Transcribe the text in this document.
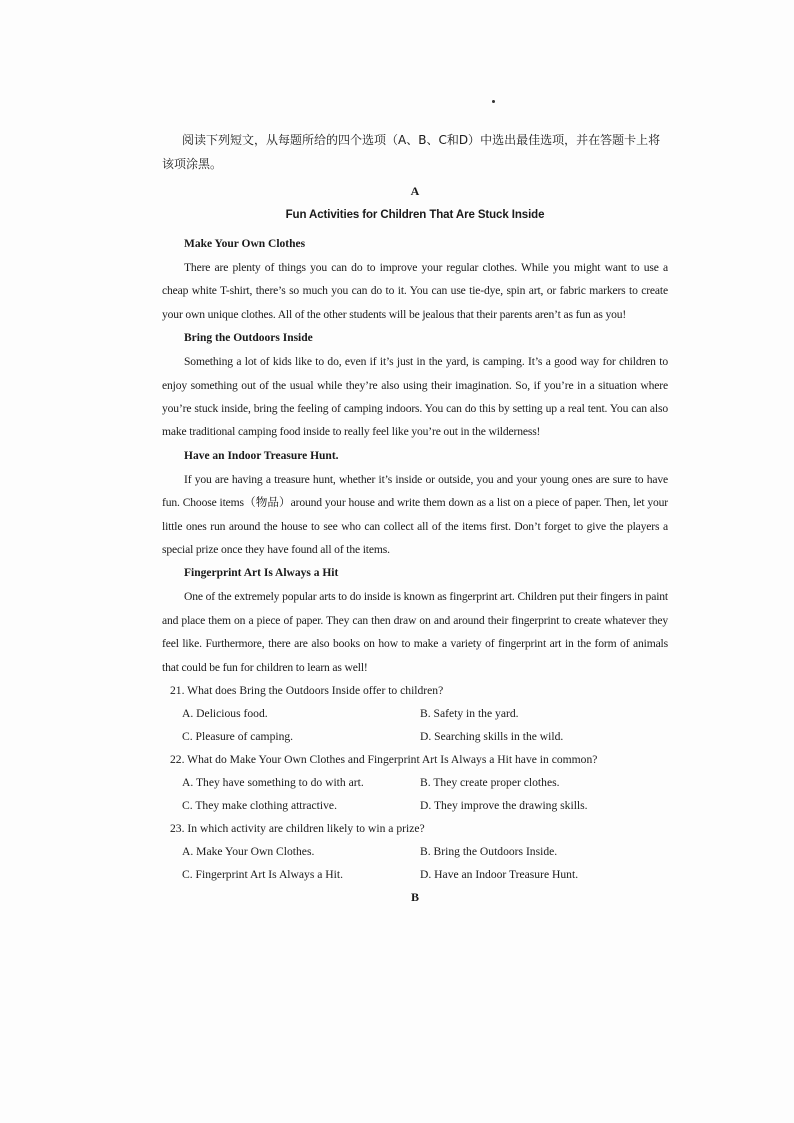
阅读下列短文，从每题所给的四个选项（A、B、C和D）中选出最佳选项，并在答题卡上将该项涂黑。

A
Fun Activities for Children That Are Stuck Inside
Make Your Own Clothes

There are plenty of things you can do to improve your regular clothes. While you might want to use a cheap white T-shirt, there’s so much you can do to it. You can use tie-dye, spin art, or fabric markers to create your own unique clothes. All of the other students will be jealous that their parents aren’t as fun as you!

Bring the Outdoors Inside

Something a lot of kids like to do, even if it’s just in the yard, is camping. It’s a good way for children to enjoy something out of the usual while they’re also using their imagination. So, if you’re in a situation where you’re stuck inside, bring the feeling of camping indoors. You can do this by setting up a real tent. You can also make traditional camping food inside to really feel like you’re out in the wilderness!

Have an Indoor Treasure Hunt.

If you are having a treasure hunt, whether it’s inside or outside, you and your young ones are sure to have fun. Choose items（物品）around your house and write them down as a list on a piece of paper. Then, let your little ones run around the house to see who can collect all of the items first. Don’t forget to give the players a special prize once they have found all of the items.

Fingerprint Art Is Always a Hit

One of the extremely popular arts to do inside is known as fingerprint art. Children put their fingers in paint and place them on a piece of paper. They can then draw on and around their fingerprint to create whatever they feel like. Furthermore, there are also books on how to make a variety of fingerprint art in the form of animals that could be fun for children to learn as well!

21. What does Bring the Outdoors Inside offer to children?
A. Delicious food.	B. Safety in the yard.
C. Pleasure of camping.	D. Searching skills in the wild.
22. What do Make Your Own Clothes and Fingerprint Art Is Always a Hit have in common?
A. They have something to do with art.	B. They create proper clothes.
C. They make clothing attractive.	D. They improve the drawing skills.
23. In which activity are children likely to win a prize?
A. Make Your Own Clothes.	B. Bring the Outdoors Inside.
C. Fingerprint Art Is Always a Hit.	D. Have an Indoor Treasure Hunt.
B
